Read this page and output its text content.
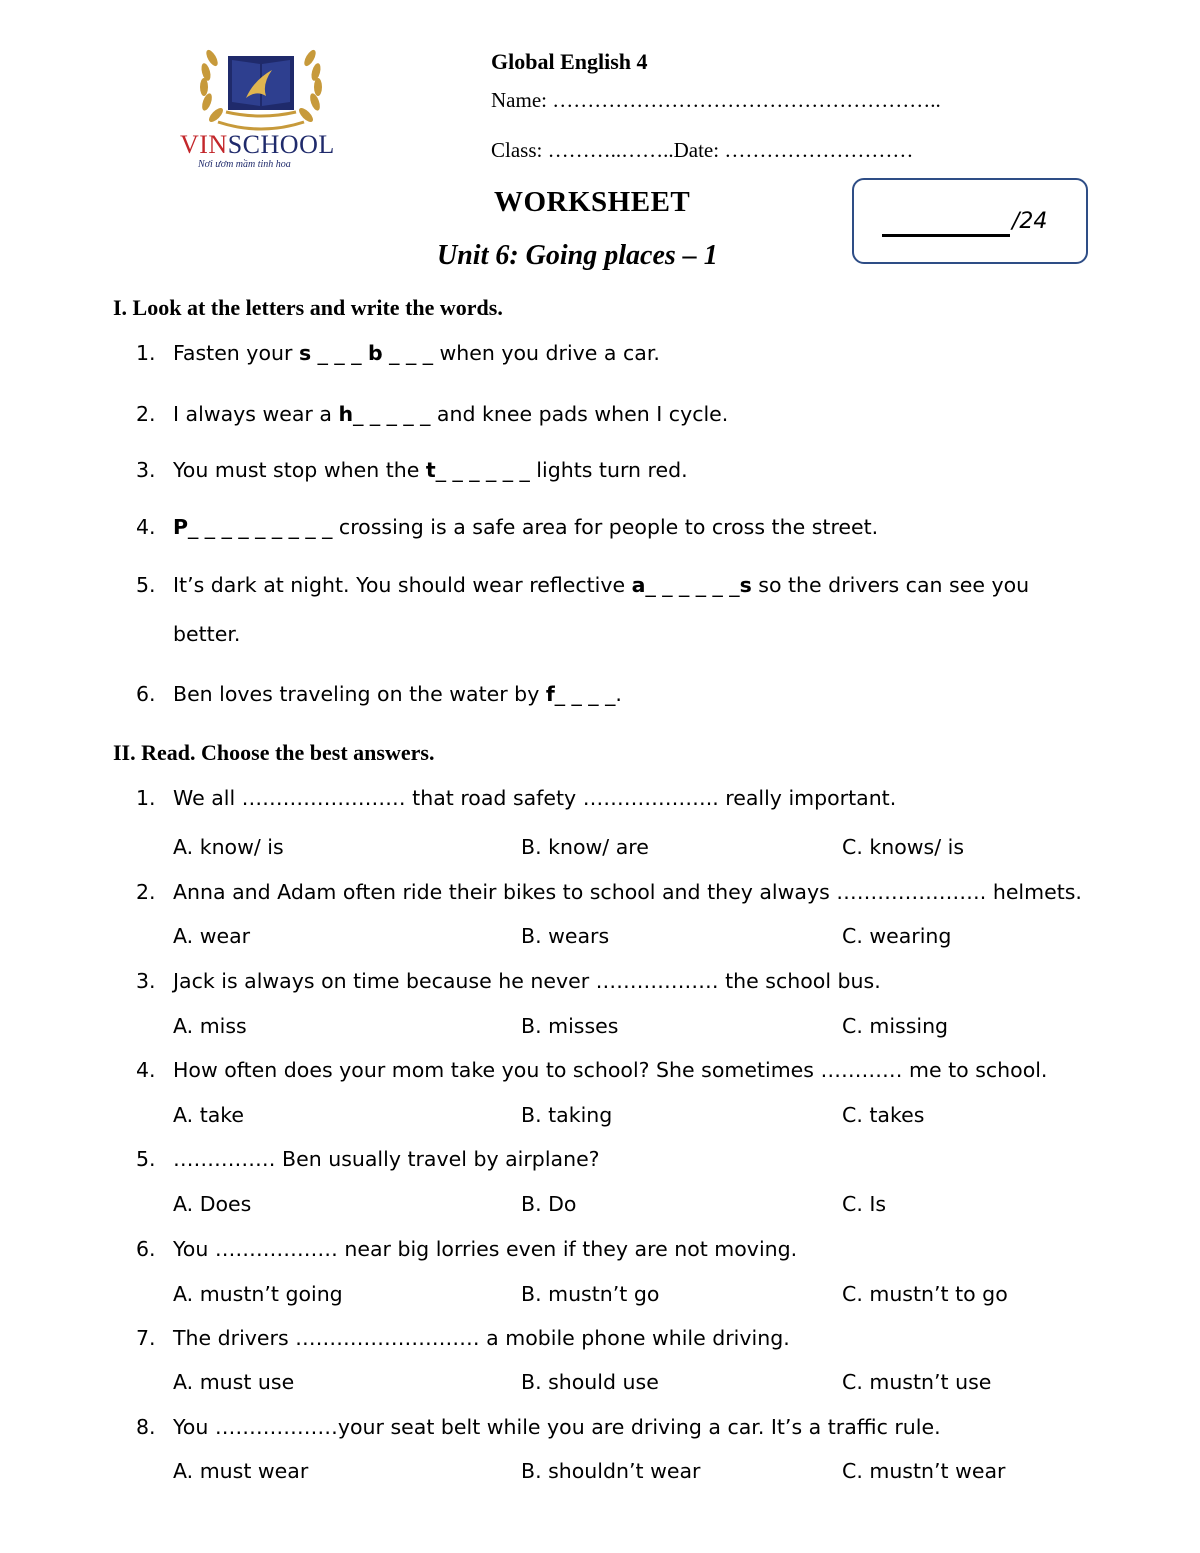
VINSCHOOL
Nơi ươm mầm tinh hoa
Global English 4
Name: ………………………………………………..
Class: ………..……..Date: ………………………
WORKSHEET
Unit 6: Going places – 1
/24
I. Look at the letters and write the words.
1. Fasten your s _ _ _ b _ _ _ when you drive a car.
2. I always wear a h_ _ _ _ _ and knee pads when I cycle.
3. You must stop when the t_ _ _ _ _ _ lights turn red.
4. P_ _ _ _ _ _ _ _ _ crossing is a safe area for people to cross the street.
5. It’s dark at night. You should wear reflective a_ _ _ _ _ _s so the drivers can see you
better.
6. Ben loves traveling on the water by f_ _ _ _.
II. Read. Choose the best answers.
1. We all …………………… that road safety ……………….. really important.
A. know/ is	B. know/ are	C. knows/ is
2. Anna and Adam often ride their bikes to school and they always …………………. helmets.
A. wear	B. wears	C. wearing
3. Jack is always on time because he never ……………… the school bus.
A. miss	B. misses	C. missing
4. How often does your mom take you to school? She sometimes ………… me to school.
A. take	B. taking	C. takes
5. …………… Ben usually travel by airplane?
A. Does	B. Do	C. Is
6. You ……………… near big lorries even if they are not moving.
A. mustn’t going	B. mustn’t go	C. mustn’t to go
7. The drivers ……………………… a mobile phone while driving.
A. must use	B. should use	C. mustn’t use
8. You ………………your seat belt while you are driving a car. It’s a traffic rule.
A. must wear	B. shouldn’t wear	C. mustn’t wear
